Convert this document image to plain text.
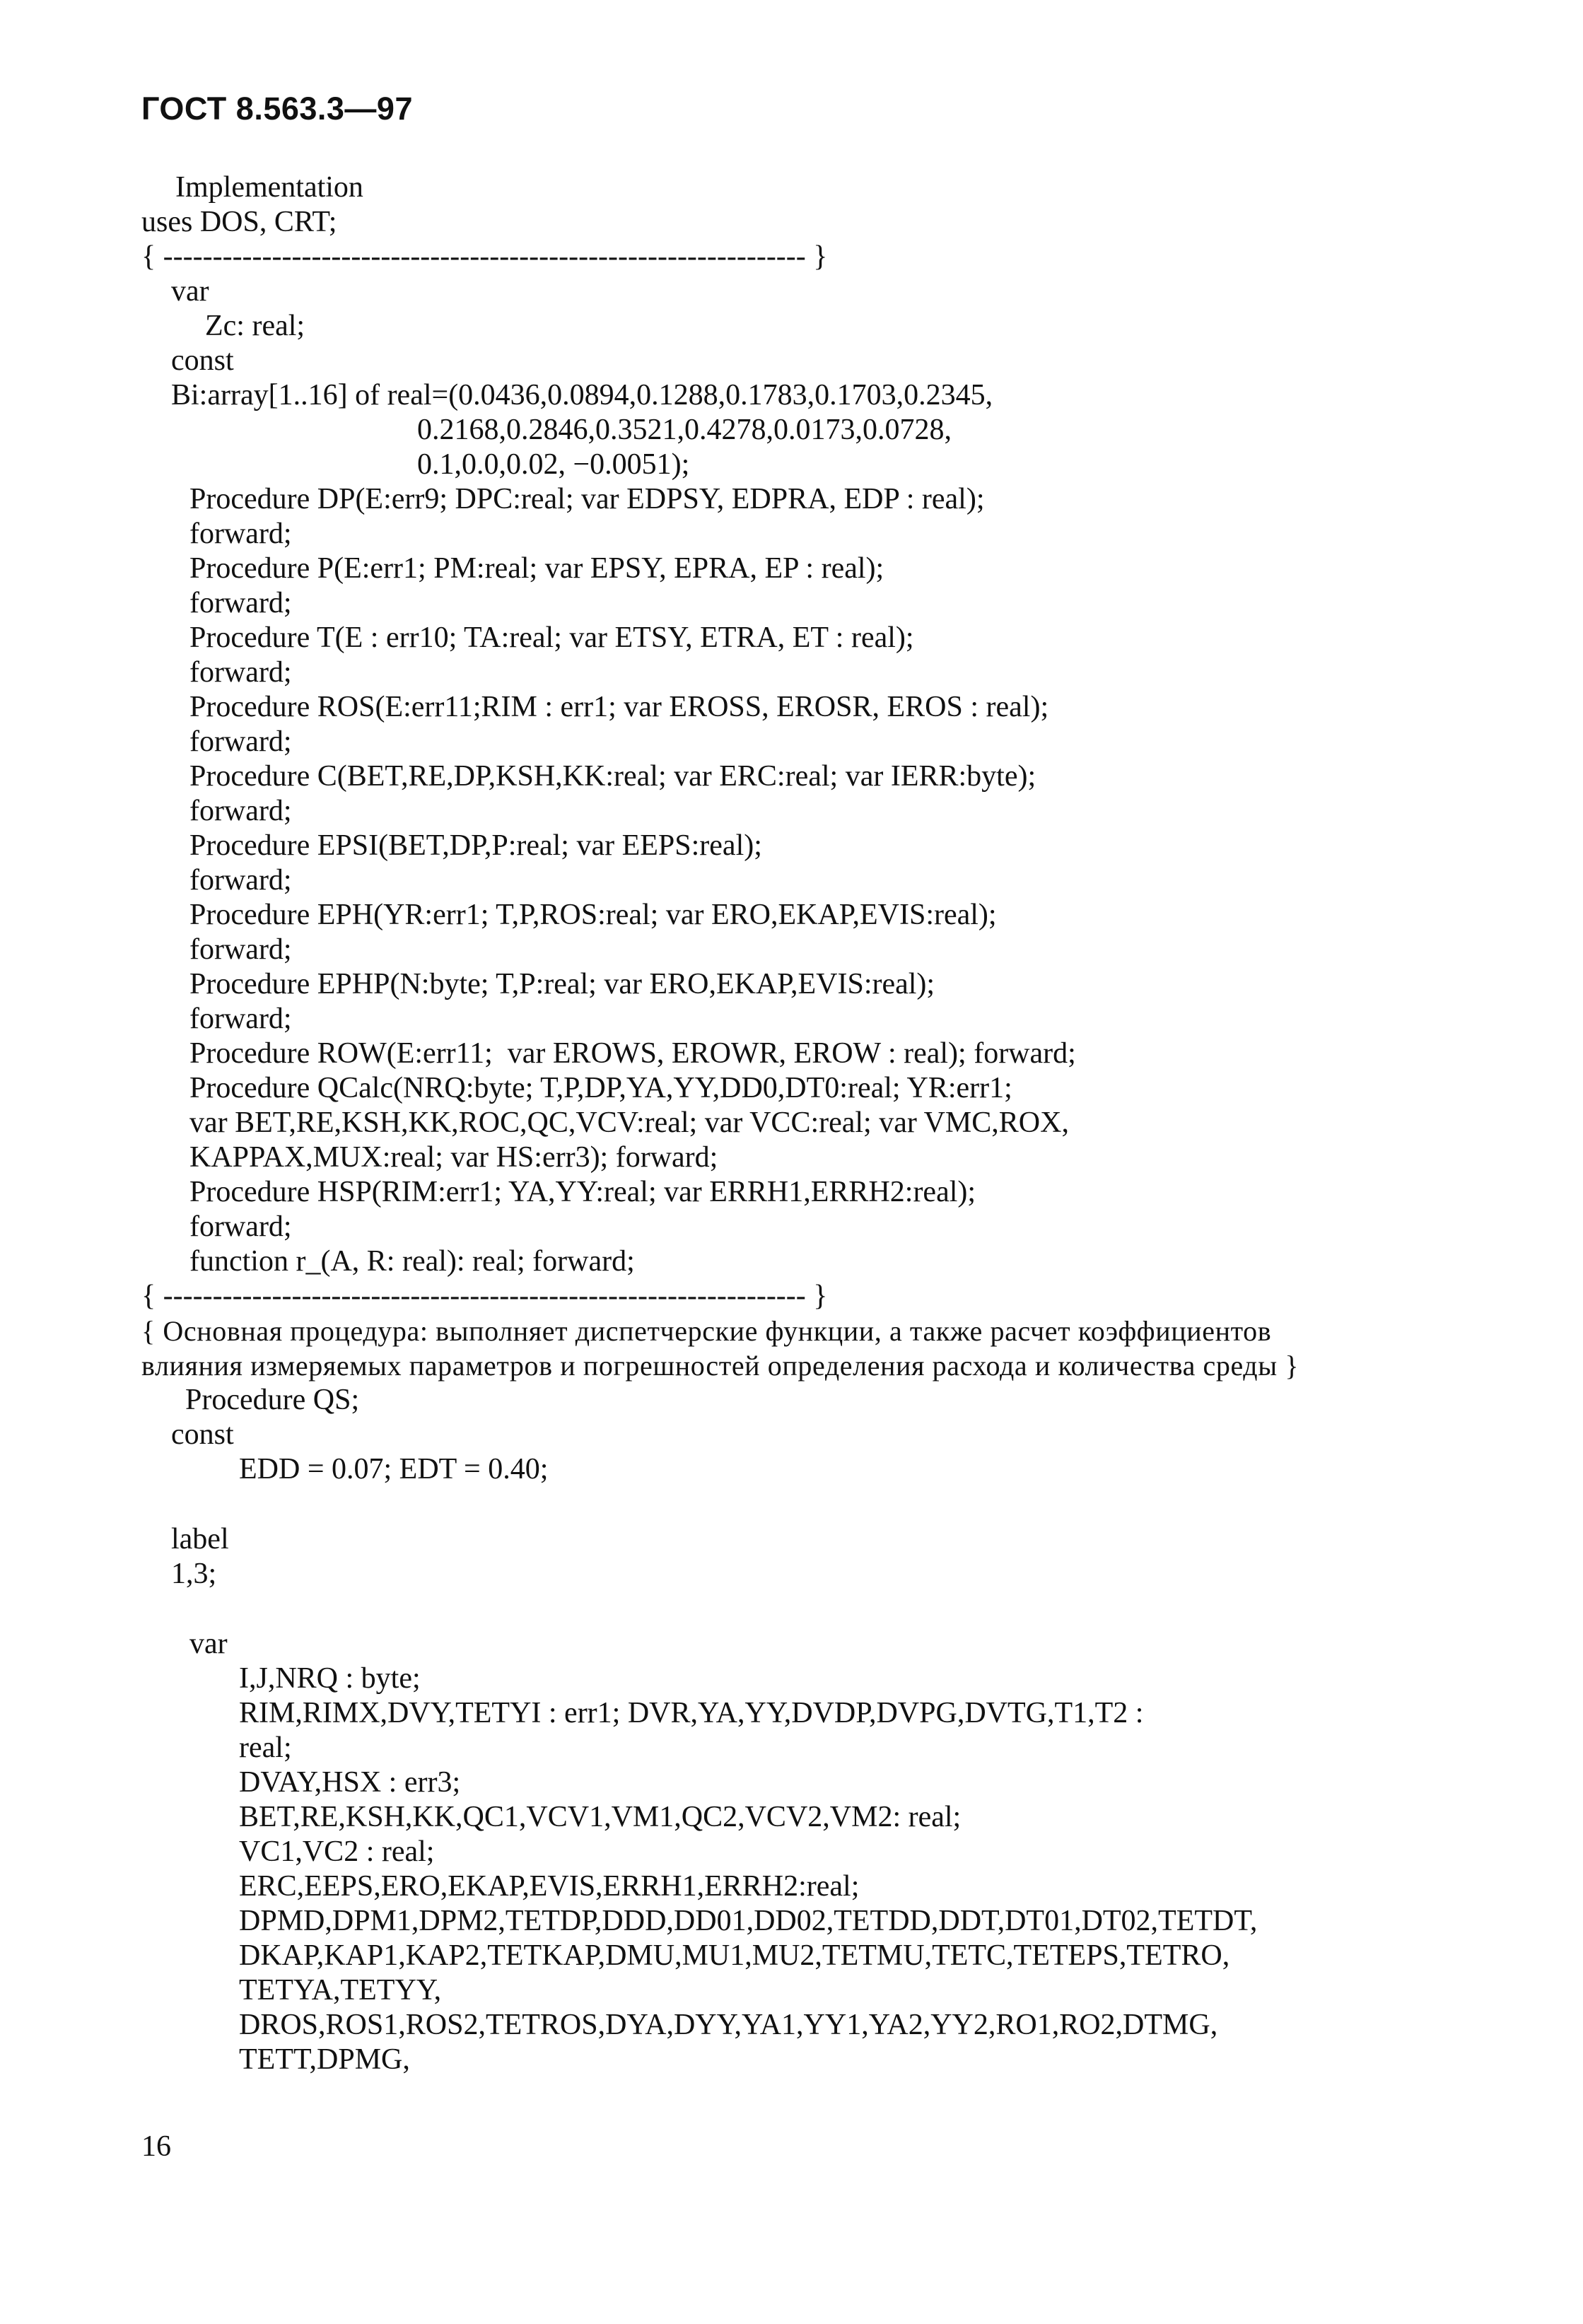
ГОСТ 8.563.3—97
Implementation
uses DOS, CRT;
{ ----------------------------------------------------------------- }
var
Zc: real;
const
Bi:array[1..16] of real=(0.0436,0.0894,0.1288,0.1783,0.1703,0.2345,
0.2168,0.2846,0.3521,0.4278,0.0173,0.0728,
0.1,0.0,0.02, −0.0051);
Procedure DP(E:err9; DPC:real; var EDPSY, EDPRA, EDP : real);
forward;
Procedure P(E:err1; PM:real; var EPSY, EPRA, EP : real);
forward;
Procedure T(E : err10; TA:real; var ETSY, ETRA, ET : real);
forward;
Procedure ROS(E:err11;RIM : err1; var EROSS, EROSR, EROS : real);
forward;
Procedure C(BET,RE,DP,KSH,KK:real; var ERC:real; var IERR:byte);
forward;
Procedure EPSI(BET,DP,P:real; var EEPS:real);
forward;
Procedure EPH(YR:err1; T,P,ROS:real; var ERO,EKAP,EVIS:real);
forward;
Procedure EPHP(N:byte; T,P:real; var ERO,EKAP,EVIS:real);
forward;
Procedure ROW(E:err11;  var EROWS, EROWR, EROW : real); forward;
Procedure QCalc(NRQ:byte; T,P,DP,YA,YY,DD0,DT0:real; YR:err1;
var BET,RE,KSH,KK,ROC,QC,VCV:real; var VCC:real; var VMC,ROX,
KAPPAX,MUX:real; var HS:err3); forward;
Procedure HSP(RIM:err1; YA,YY:real; var ERRH1,ERRH2:real);
forward;
function r_(A, R: real): real; forward;
{ ----------------------------------------------------------------- }
{ Основная процедура: выполняет диспетчерские функции, а также расчет коэффициентов
влияния измеряемых параметров и погрешностей определения расхода и количества среды }
Procedure QS;
const
EDD = 0.07; EDT = 0.40;
label
1,3;
var
I,J,NRQ : byte;
RIM,RIMX,DVY,TETYI : err1; DVR,YA,YY,DVDP,DVPG,DVTG,T1,T2 :
real;
DVAY,HSX : err3;
BET,RE,KSH,KK,QC1,VCV1,VM1,QC2,VCV2,VM2: real;
VC1,VC2 : real;
ERC,EEPS,ERO,EKAP,EVIS,ERRH1,ERRH2:real;
DPMD,DPM1,DPM2,TETDP,DDD,DD01,DD02,TETDD,DDT,DT01,DT02,TETDT,
DKAP,KAP1,KAP2,TETKAP,DMU,MU1,MU2,TETMU,TETC,TETEPS,TETRO,
TETYA,TETYY,
DROS,ROS1,ROS2,TETROS,DYA,DYY,YA1,YY1,YA2,YY2,RO1,RO2,DTMG,
TETT,DPMG,
16
